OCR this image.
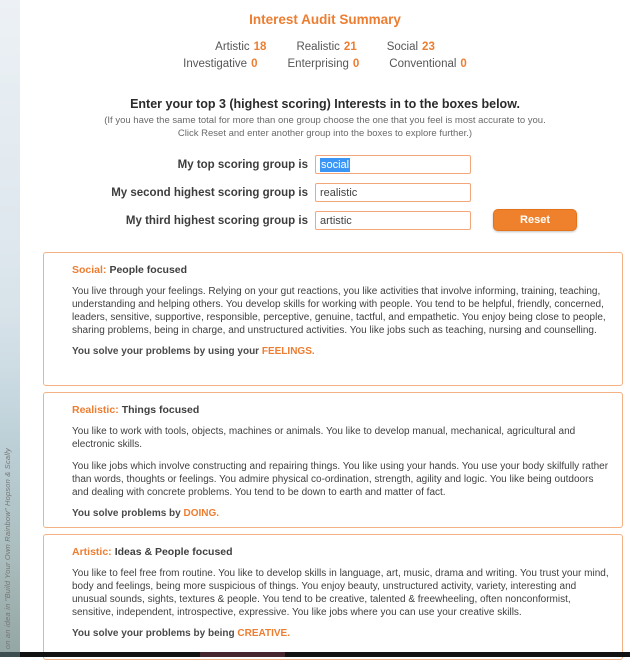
on an idea in "Build Your Own Rainbow" Hopson & Scally
Interest Audit Summary
Artistic 18	Realistic 21	Social 23
Investigative 0	Enterprising 0	Conventional 0
Enter your top 3 (highest scoring) Interests in to the boxes below.
(If you have the same total for more than one group choose the one that you feel is most accurate to you.
Click Reset and enter another group into the boxes to explore further.)
My top scoring group is	social
My second highest scoring group is	realistic
My third highest scoring group is	artistic	Reset
Social: People focused

You live through your feelings. Relying on your gut reactions, you like activities that involve informing, training, teaching, understanding and helping others. You develop skills for working with people. You tend to be helpful, friendly, concerned, leaders, sensitive, supportive, responsible, perceptive, genuine, tactful, and empathetic. You enjoy being close to people, sharing problems, being in charge, and unstructured activities. You like jobs such as teaching, nursing and counselling.

You solve your problems by using your FEELINGS.
Realistic: Things focused

You like to work with tools, objects, machines or animals. You like to develop manual, mechanical, agricultural and electronic skills.

You like jobs which involve constructing and repairing things. You like using your hands. You use your body skilfully rather than words, thoughts or feelings. You admire physical co-ordination, strength, agility and logic. You like being outdoors and dealing with concrete problems. You tend to be down to earth and matter of fact.

You solve problems by DOING.
Artistic: Ideas & People focused

You like to feel free from routine. You like to develop skills in language, art, music, drama and writing. You trust your mind, body and feelings, being more suspicious of things. You enjoy beauty, unstructured activity, variety, interesting and unusual sounds, sights, textures & people. You tend to be creative, talented & freewheeling, often nonconformist, sensitive, independent, introspective, expressive. You like jobs where you can use your creative skills.

You solve your problems by being CREATIVE.
